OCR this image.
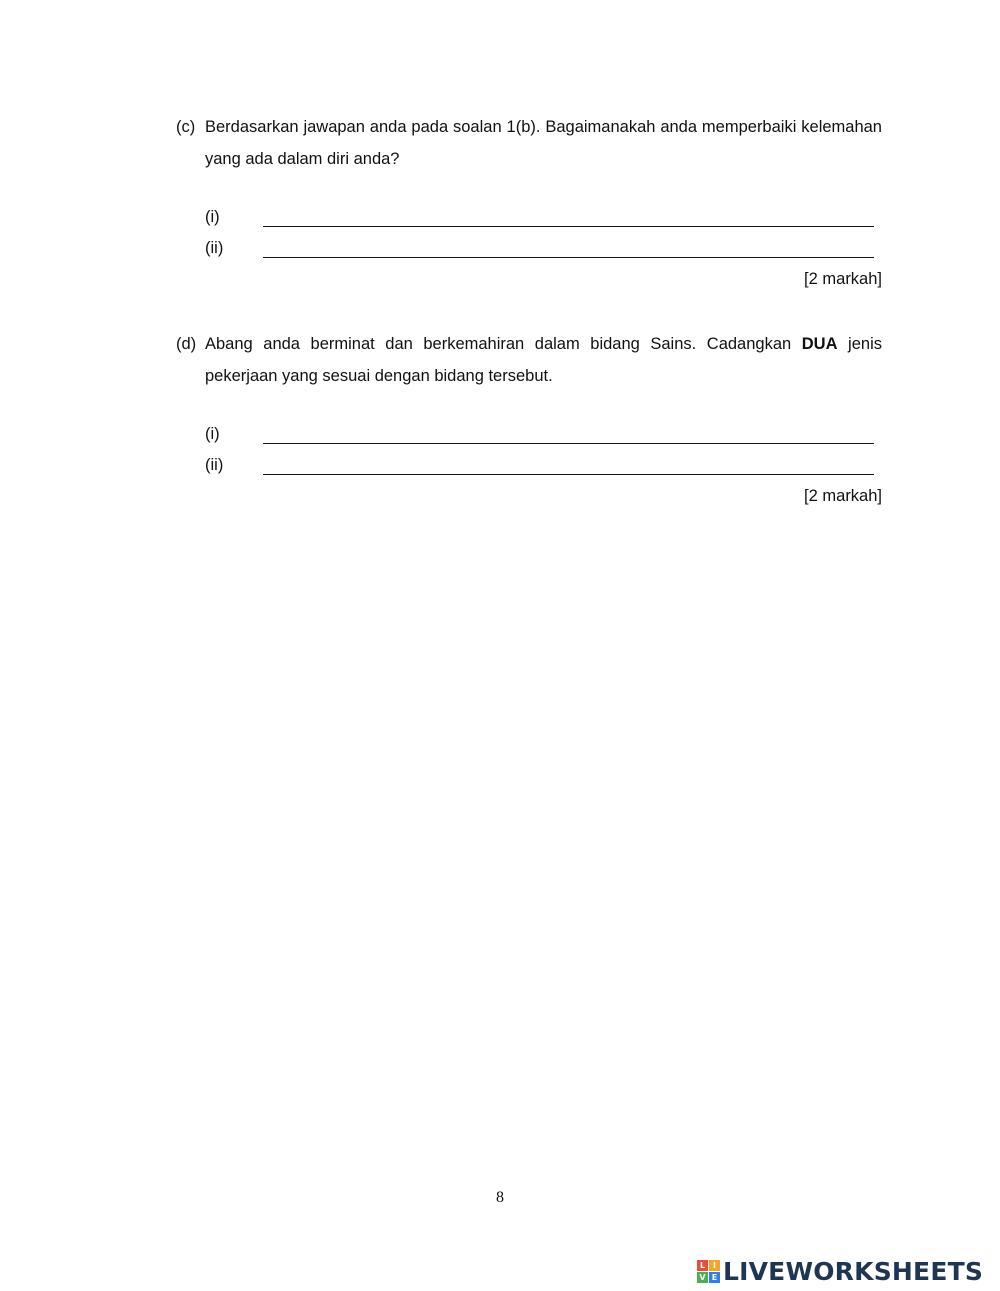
(c) Berdasarkan jawapan anda pada soalan 1(b). Bagaimanakah anda memperbaiki kelemahan yang ada dalam diri anda?
(i)
(ii)
[2 markah]
(d) Abang anda berminat dan berkemahiran dalam bidang Sains. Cadangkan DUA jenis pekerjaan yang sesuai dengan bidang tersebut.
(i)
(ii)
[2 markah]
8
L I
V E LIVEWORKSHEETS
